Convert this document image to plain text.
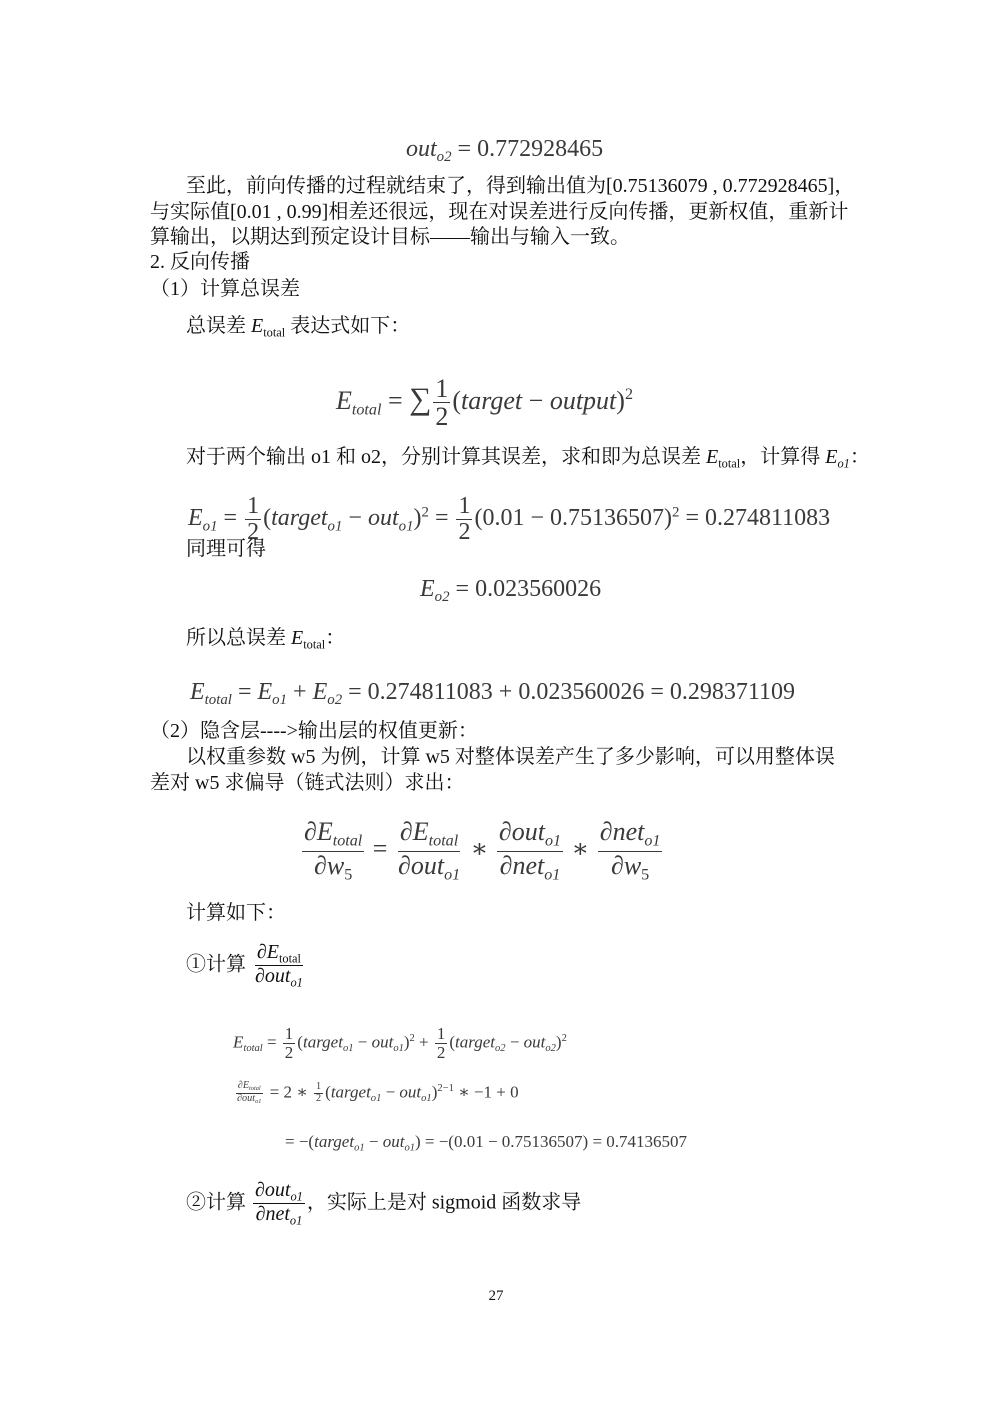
out$_{o2}$ = 0.772928465
至此，前向传播的过程就结束了，得到输出值为[0.75136079 , 0.772928465]，
与实际值[0.01 , 0.99]相差还很远，现在对误差进行反向传播，更新权值，重新计
算输出，以期达到预定设计目标——输出与输入一致。
2. 反向传播
（1）计算总误差
总误差 $E_{total}$ 表达式如下：
$E_{total}$ = ∑ $\frac{1}{2}$ (target − output)$^2$
对于两个输出 o1 和 o2，分别计算其误差，求和即为总误差 $E_{total}$，计算得 $E_{o1}$：
$E_{o1} = \frac{1}{2}$ (target$_{o1}$ − $out_{o1})^2 = \frac{1}{2} (0.01 - 0.75136507)^2 = 0.274811083$
同理可得
$E_{o2} = 0.023560026$
所以总误差 $E_{total}$：
$E_{total} = E_{o1} + E_{o2} = 0.274811083 + 0.023560026 = 0.298371109$
（2）隐含层---->输出层的权值更新：
以权重参数 w5 为例，计算 w5 对整体误差产生了多少影响，可以用整体误
差对 w5 求偏导（链式法则）求出：
$\frac{\partial E_{total}}{\partial w_5} = \frac{\partial E_{total}}{\partial out_{o1}}$ ∗ $\frac{\partial out_{o1}}{\partial net_{o1}}$ ∗ $\frac{\partial net_{o1}}{\partial w_5}$
计算如下：
①计算 $\frac{\partial E_{total}}{\partial out_{o1}}$
$E_{total} = \frac{1}{2}$ (target$_{o1}$ − $out_{o1})^2 + \frac{1}{2}$ (target$_{o2}$ − out$_{o2}$)$^2$
$\frac{\partial E_{total}}{\partial out_{o1}} = 2$ ∗ $\frac{1}{2}$ (target$_{o1}$ − out$_{o1}$)$^{2-1}$ ∗ −1 + 0
= −(target$_{o1}$ − out$_{o1}$) = −(0.01 − 0.75136507) = 0.74136507
②计算 $\frac{\partial out_{o1}}{\partial net_{o1}}$ ，实际上是对 sigmoid 函数求导
27
